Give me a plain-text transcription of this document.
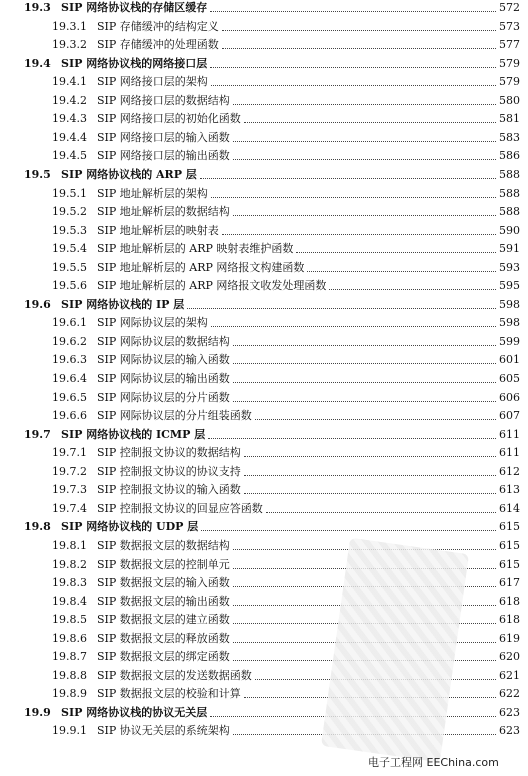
19.3 SIP 网络协议栈的存储区缓存	572
19.3.1 SIP 存储缓冲的结构定义	573
19.3.2 SIP 存储缓冲的处理函数	577
19.4 SIP 网络协议栈的网络接口层	579
19.4.1 SIP 网络接口层的架构	579
19.4.2 SIP 网络接口层的数据结构	580
19.4.3 SIP 网络接口层的初始化函数	581
19.4.4 SIP 网络接口层的输入函数	583
19.4.5 SIP 网络接口层的输出函数	586
19.5 SIP 网络协议栈的 ARP 层	588
19.5.1 SIP 地址解析层的架构	588
19.5.2 SIP 地址解析层的数据结构	588
19.5.3 SIP 地址解析层的映射表	590
19.5.4 SIP 地址解析层的 ARP 映射表维护函数	591
19.5.5 SIP 地址解析层的 ARP 网络报文构建函数	593
19.5.6 SIP 地址解析层的 ARP 网络报文收发处理函数	595
19.6 SIP 网络协议栈的 IP 层	598
19.6.1 SIP 网际协议层的架构	598
19.6.2 SIP 网际协议层的数据结构	599
19.6.3 SIP 网际协议层的输入函数	601
19.6.4 SIP 网际协议层的输出函数	605
19.6.5 SIP 网际协议层的分片函数	606
19.6.6 SIP 网际协议层的分片组装函数	607
19.7 SIP 网络协议栈的 ICMP 层	611
19.7.1 SIP 控制报文协议的数据结构	611
19.7.2 SIP 控制报文协议的协议支持	612
19.7.3 SIP 控制报文协议的输入函数	613
19.7.4 SIP 控制报文协议的回显应答函数	614
19.8 SIP 网络协议栈的 UDP 层	615
19.8.1 SIP 数据报文层的数据结构	615
19.8.2 SIP 数据报文层的控制单元	615
19.8.3 SIP 数据报文层的输入函数	617
19.8.4 SIP 数据报文层的输出函数	618
19.8.5 SIP 数据报文层的建立函数	618
19.8.6 SIP 数据报文层的释放函数	619
19.8.7 SIP 数据报文层的绑定函数	620
19.8.8 SIP 数据报文层的发送数据函数	621
19.8.9 SIP 数据报文层的校验和计算	622
19.9 SIP 网络协议栈的协议无关层	623
19.9.1 SIP 协议无关层的系统架构	623
电子工程网 EEChina.com
